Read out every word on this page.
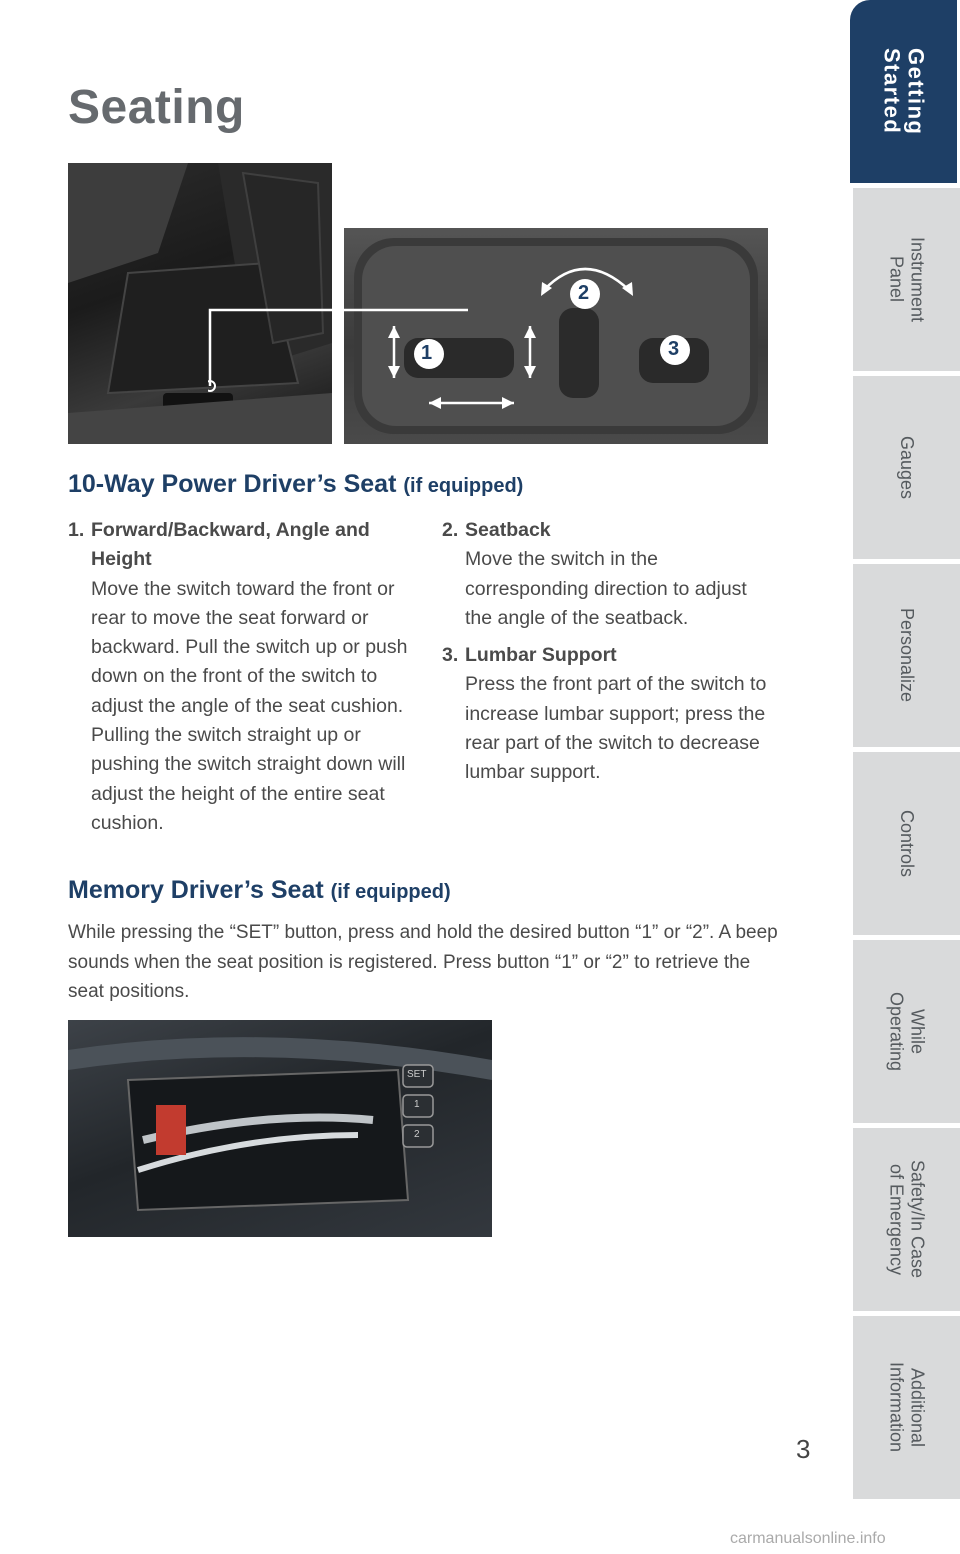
Seating
1
2
3
10-Way Power Driver’s Seat (if equipped)
1. Forward/Backward, Angle and Height
Move the switch toward the front or rear to move the seat forward or backward. Pull the switch up or push down on the front of the switch to adjust the angle of the seat cushion. Pulling the switch straight up or pushing the switch straight down will adjust the height of the entire seat cushion.
2. Seatback
Move the switch in the corresponding direction to adjust the angle of the seatback.
3. Lumbar Support
Press the front part of the switch to increase lumbar support; press the rear part of the switch to decrease lumbar support.
Memory Driver’s Seat (if equipped)

While pressing the “SET” button, press and hold the desired button “1” or “2”. A beep sounds when the seat position is registered. Press button “1” or “2” to retrieve the seat positions.

SET
1
2
3
Getting
Started
Instrument
Panel
Gauges
Personalize
Controls
While
Operating
Safety/In Case
of Emergency
Additional
Information
carmanualsonline.info
